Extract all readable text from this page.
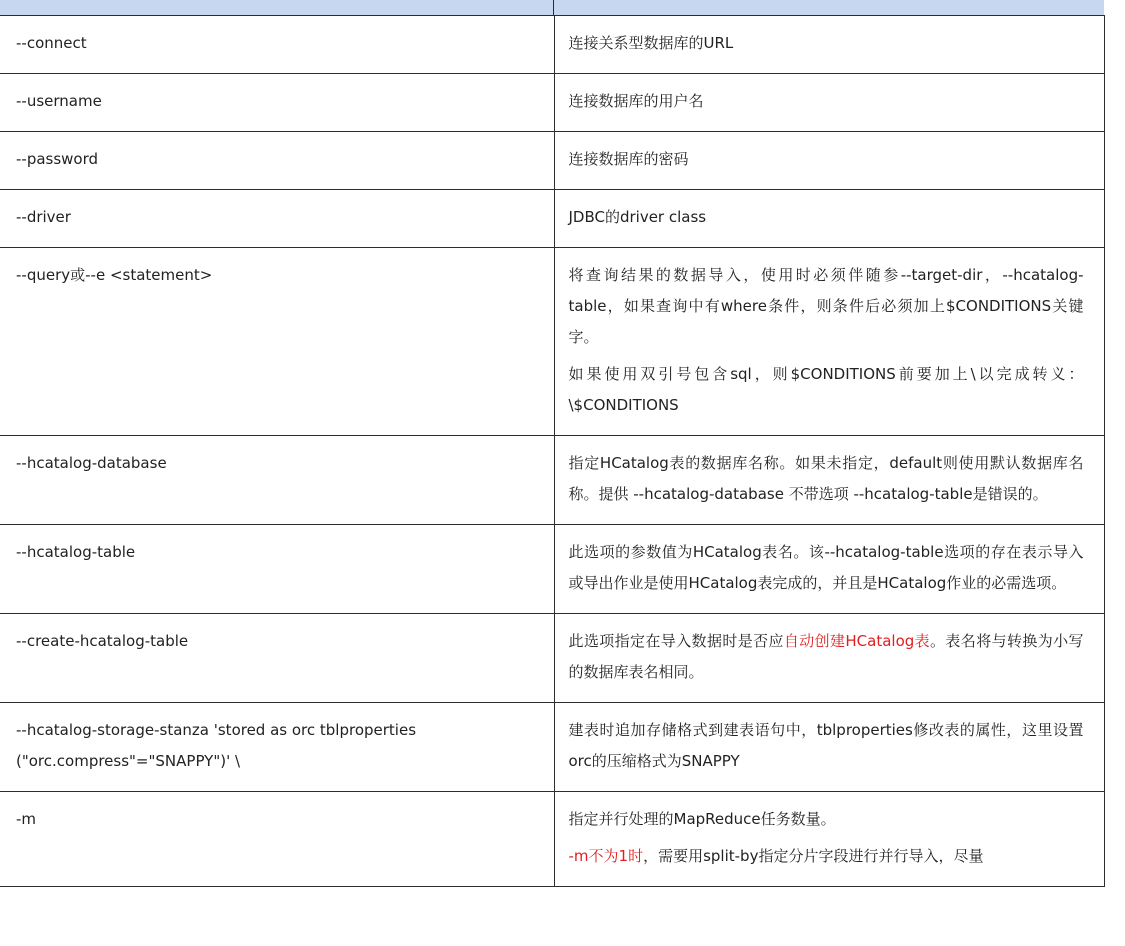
--connect	连接关系型数据库的URL

--username	连接数据库的用户名

--password	连接数据库的密码

--driver	JDBC的driver class

--query或--e <statement>	将查询结果的数据导入，使用时必须伴随参--target-dir，--hcatalog-table，如果查询中有where条件，则条件后必须加上$CONDITIONS关键字。

如果使用双引号包含sql，则$CONDITIONS前要加上\以完成转义：\$CONDITIONS

--hcatalog-database	指定HCatalog表的数据库名称。如果未指定，default则使用默认数据库名称。提供 --hcatalog-database 不带选项 --hcatalog-table是错误的。

--hcatalog-table	此选项的参数值为HCatalog表名。该--hcatalog-table选项的存在表示导入或导出作业是使用HCatalog表完成的，并且是HCatalog作业的必需选项。

--create-hcatalog-table	此选项指定在导入数据时是否应自动创建HCatalog表。表名将与转换为小写的数据库表名相同。

--hcatalog-storage-stanza 'stored as orc tblproperties ("orc.compress"="SNAPPY")' \	建表时追加存储格式到建表语句中，tblproperties修改表的属性，这里设置orc的压缩格式为SNAPPY

-m	指定并行处理的MapReduce任务数量。

-m不为1时，需要用split-by指定分片字段进行并行导入，尽量
